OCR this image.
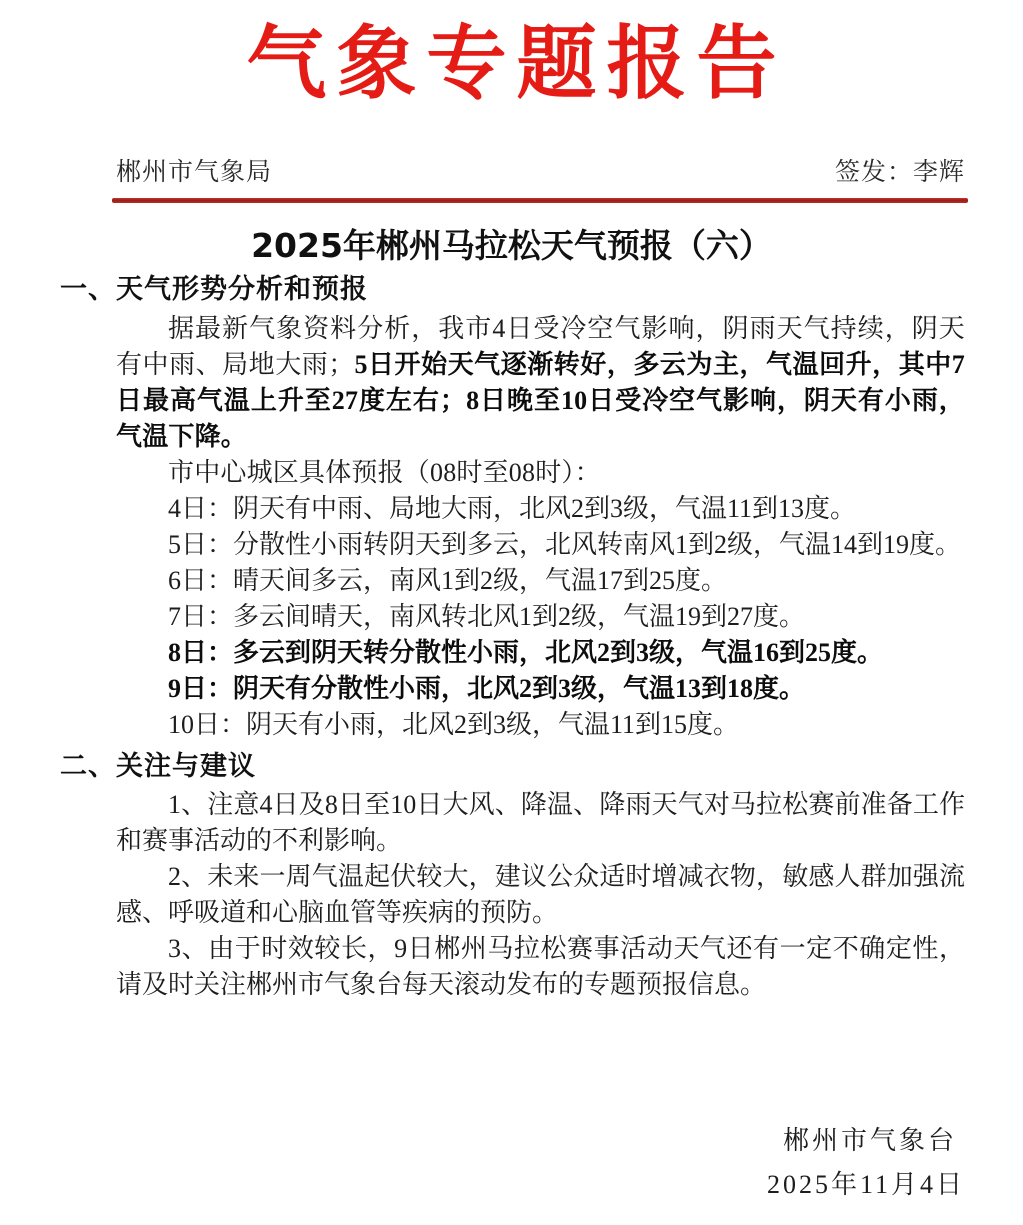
气象专题报告
郴州市气象局	签发：李辉
2025年郴州马拉松天气预报（六）
一、天气形势分析和预报

据最新气象资料分析，我市4日受冷空气影响，阴雨天气持续，阴天有中雨、局地大雨；5日开始天气逐渐转好，多云为主，气温回升，其中7日最高气温上升至27度左右；8日晚至10日受冷空气影响，阴天有小雨，气温下降。

市中心城区具体预报（08时至08时）：

4日：阴天有中雨、局地大雨，北风2到3级，气温11到13度。

5日：分散性小雨转阴天到多云，北风转南风1到2级，气温14到19度。

6日：晴天间多云，南风1到2级，气温17到25度。

7日：多云间晴天，南风转北风1到2级，气温19到27度。

8日：多云到阴天转分散性小雨，北风2到3级，气温16到25度。

9日：阴天有分散性小雨，北风2到3级，气温13到18度。

10日：阴天有小雨，北风2到3级，气温11到15度。

二、关注与建议

1、注意4日及8日至10日大风、降温、降雨天气对马拉松赛前准备工作和赛事活动的不利影响。

2、未来一周气温起伏较大，建议公众适时增减衣物，敏感人群加强流感、呼吸道和心脑血管等疾病的预防。

3、由于时效较长，9日郴州马拉松赛事活动天气还有一定不确定性，请及时关注郴州市气象台每天滚动发布的专题预报信息。

郴州市气象台
2025年11月4日
